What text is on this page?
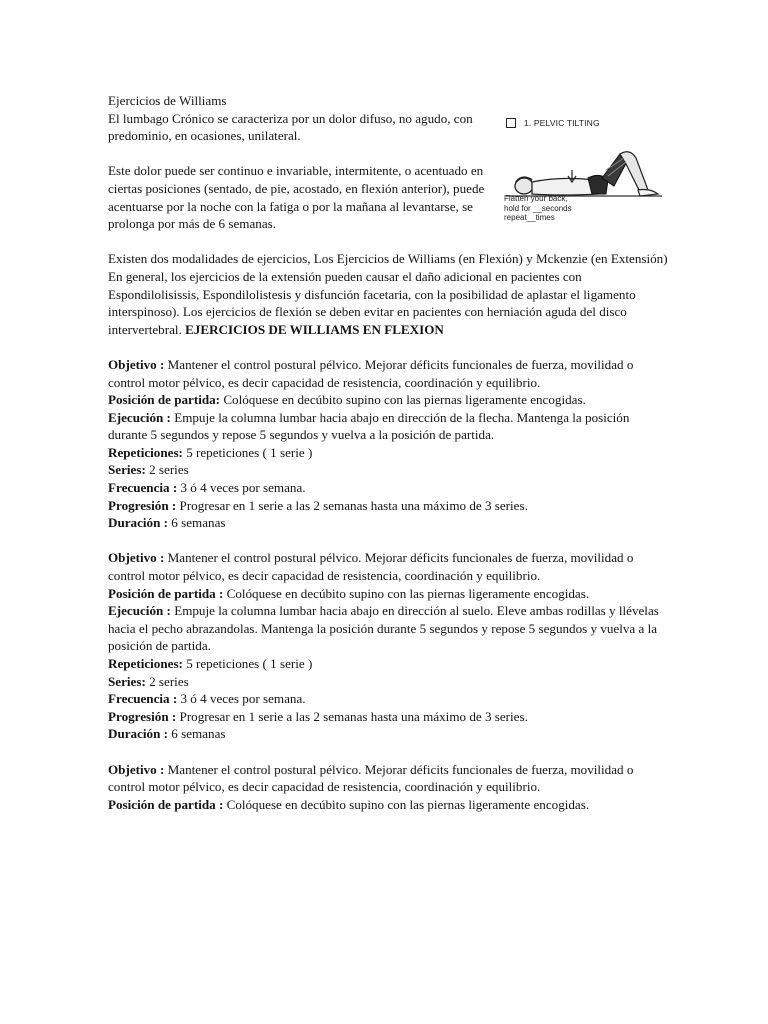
1. PELVIC TILTING
Flatten your back,
hold for __seconds
repeat__times

Ejercicios de Williams

El lumbago Crónico se caracteriza por un dolor difuso, no agudo, con predominio, en ocasiones, unilateral.

Este dolor puede ser continuo e invariable, intermitente, o acentuado en ciertas posiciones (sentado, de pie, acostado, en flexión anterior), puede acentuarse por la noche con la fatiga o por la mañana al levantarse, se prolonga por más de 6 semanas.

Existen dos modalidades de ejercicios, Los Ejercicios de Williams (en Flexión) y Mckenzie (en Extensión) En general, los ejercicios de la extensión pueden causar el daño adicional en pacientes con Espondilolisissis, Espondilolistesis y disfunción facetaria, con la posibilidad de aplastar el ligamento interspinoso). Los ejercicios de flexión se deben evitar en pacientes con herniación aguda del disco intervertebral. EJERCICIOS DE WILLIAMS EN FLEXION

Objetivo : Mantener el control postural pélvico. Mejorar déficits funcionales de fuerza, movilidad o control motor pélvico, es decir capacidad de resistencia, coordinación y equilibrio.

Posición de partida: Colóquese en decúbito supino con las piernas ligeramente encogidas.

Ejecución : Empuje la columna lumbar hacia abajo en dirección de la flecha. Mantenga la posición durante 5 segundos y repose 5 segundos y vuelva a la posición de partida.

Repeticiones: 5 repeticiones ( 1 serie )

Series: 2 series

Frecuencia : 3 ó 4 veces por semana.

Progresión : Progresar en 1 serie a las 2 semanas hasta una máximo de 3 series.

Duración : 6 semanas

Objetivo : Mantener el control postural pélvico. Mejorar déficits funcionales de fuerza, movilidad o control motor pélvico, es decir capacidad de resistencia, coordinación y equilibrio.

Posición de partida : Colóquese en decúbito supino con las piernas ligeramente encogidas.

Ejecución : Empuje la columna lumbar hacia abajo en dirección al suelo. Eleve ambas rodillas y llévelas hacia el pecho abrazandolas. Mantenga la posición durante 5 segundos y repose 5 segundos y vuelva a la posición de partida.

Repeticiones: 5 repeticiones ( 1 serie )

Series: 2 series

Frecuencia : 3 ó 4 veces por semana.

Progresión : Progresar en 1 serie a las 2 semanas hasta una máximo de 3 series.

Duración : 6 semanas

Objetivo : Mantener el control postural pélvico. Mejorar déficits funcionales de fuerza, movilidad o control motor pélvico, es decir capacidad de resistencia, coordinación y equilibrio.

Posición de partida : Colóquese en decúbito supino con las piernas ligeramente encogidas.
